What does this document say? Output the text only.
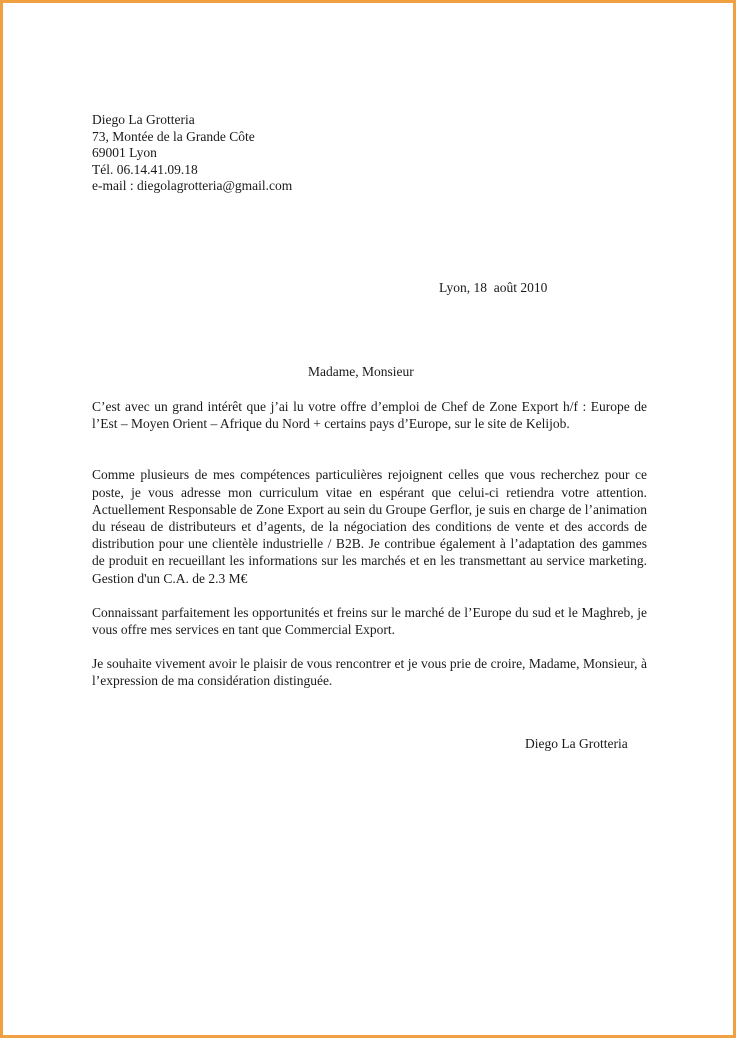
Diego La Grotteria
73, Montée de la Grande Côte
69001 Lyon
Tél. 06.14.41.09.18
e-mail : diegolagrotteria@gmail.com
Lyon, 18  août 2010
Madame, Monsieur

C’est avec un grand intérêt que j’ai lu votre offre d’emploi de Chef de Zone Export h/f : Europe de l’Est – Moyen Orient – Afrique du Nord + certains pays d’Europe, sur le site de Kelijob.

Comme plusieurs de mes compétences particulières rejoignent celles que vous recherchez pour ce poste, je vous adresse mon curriculum vitae en espérant que celui-ci retiendra votre attention. Actuellement Responsable de Zone Export au sein du Groupe Gerflor, je suis en charge de l’animation du réseau de distributeurs et d’agents, de la négociation des conditions de vente et des accords de distribution pour une clientèle industrielle / B2B. Je contribue également à l’adaptation des gammes de produit en recueillant les informations sur les marchés et en les transmettant au service marketing. Gestion d'un C.A. de 2.3 M€

Connaissant parfaitement les opportunités et freins sur le marché de l’Europe du sud et le Maghreb, je vous offre mes services en tant que Commercial Export.

Je souhaite vivement avoir le plaisir de vous rencontrer et je vous prie de croire, Madame, Monsieur, à l’expression de ma considération distinguée.

Diego La Grotteria
